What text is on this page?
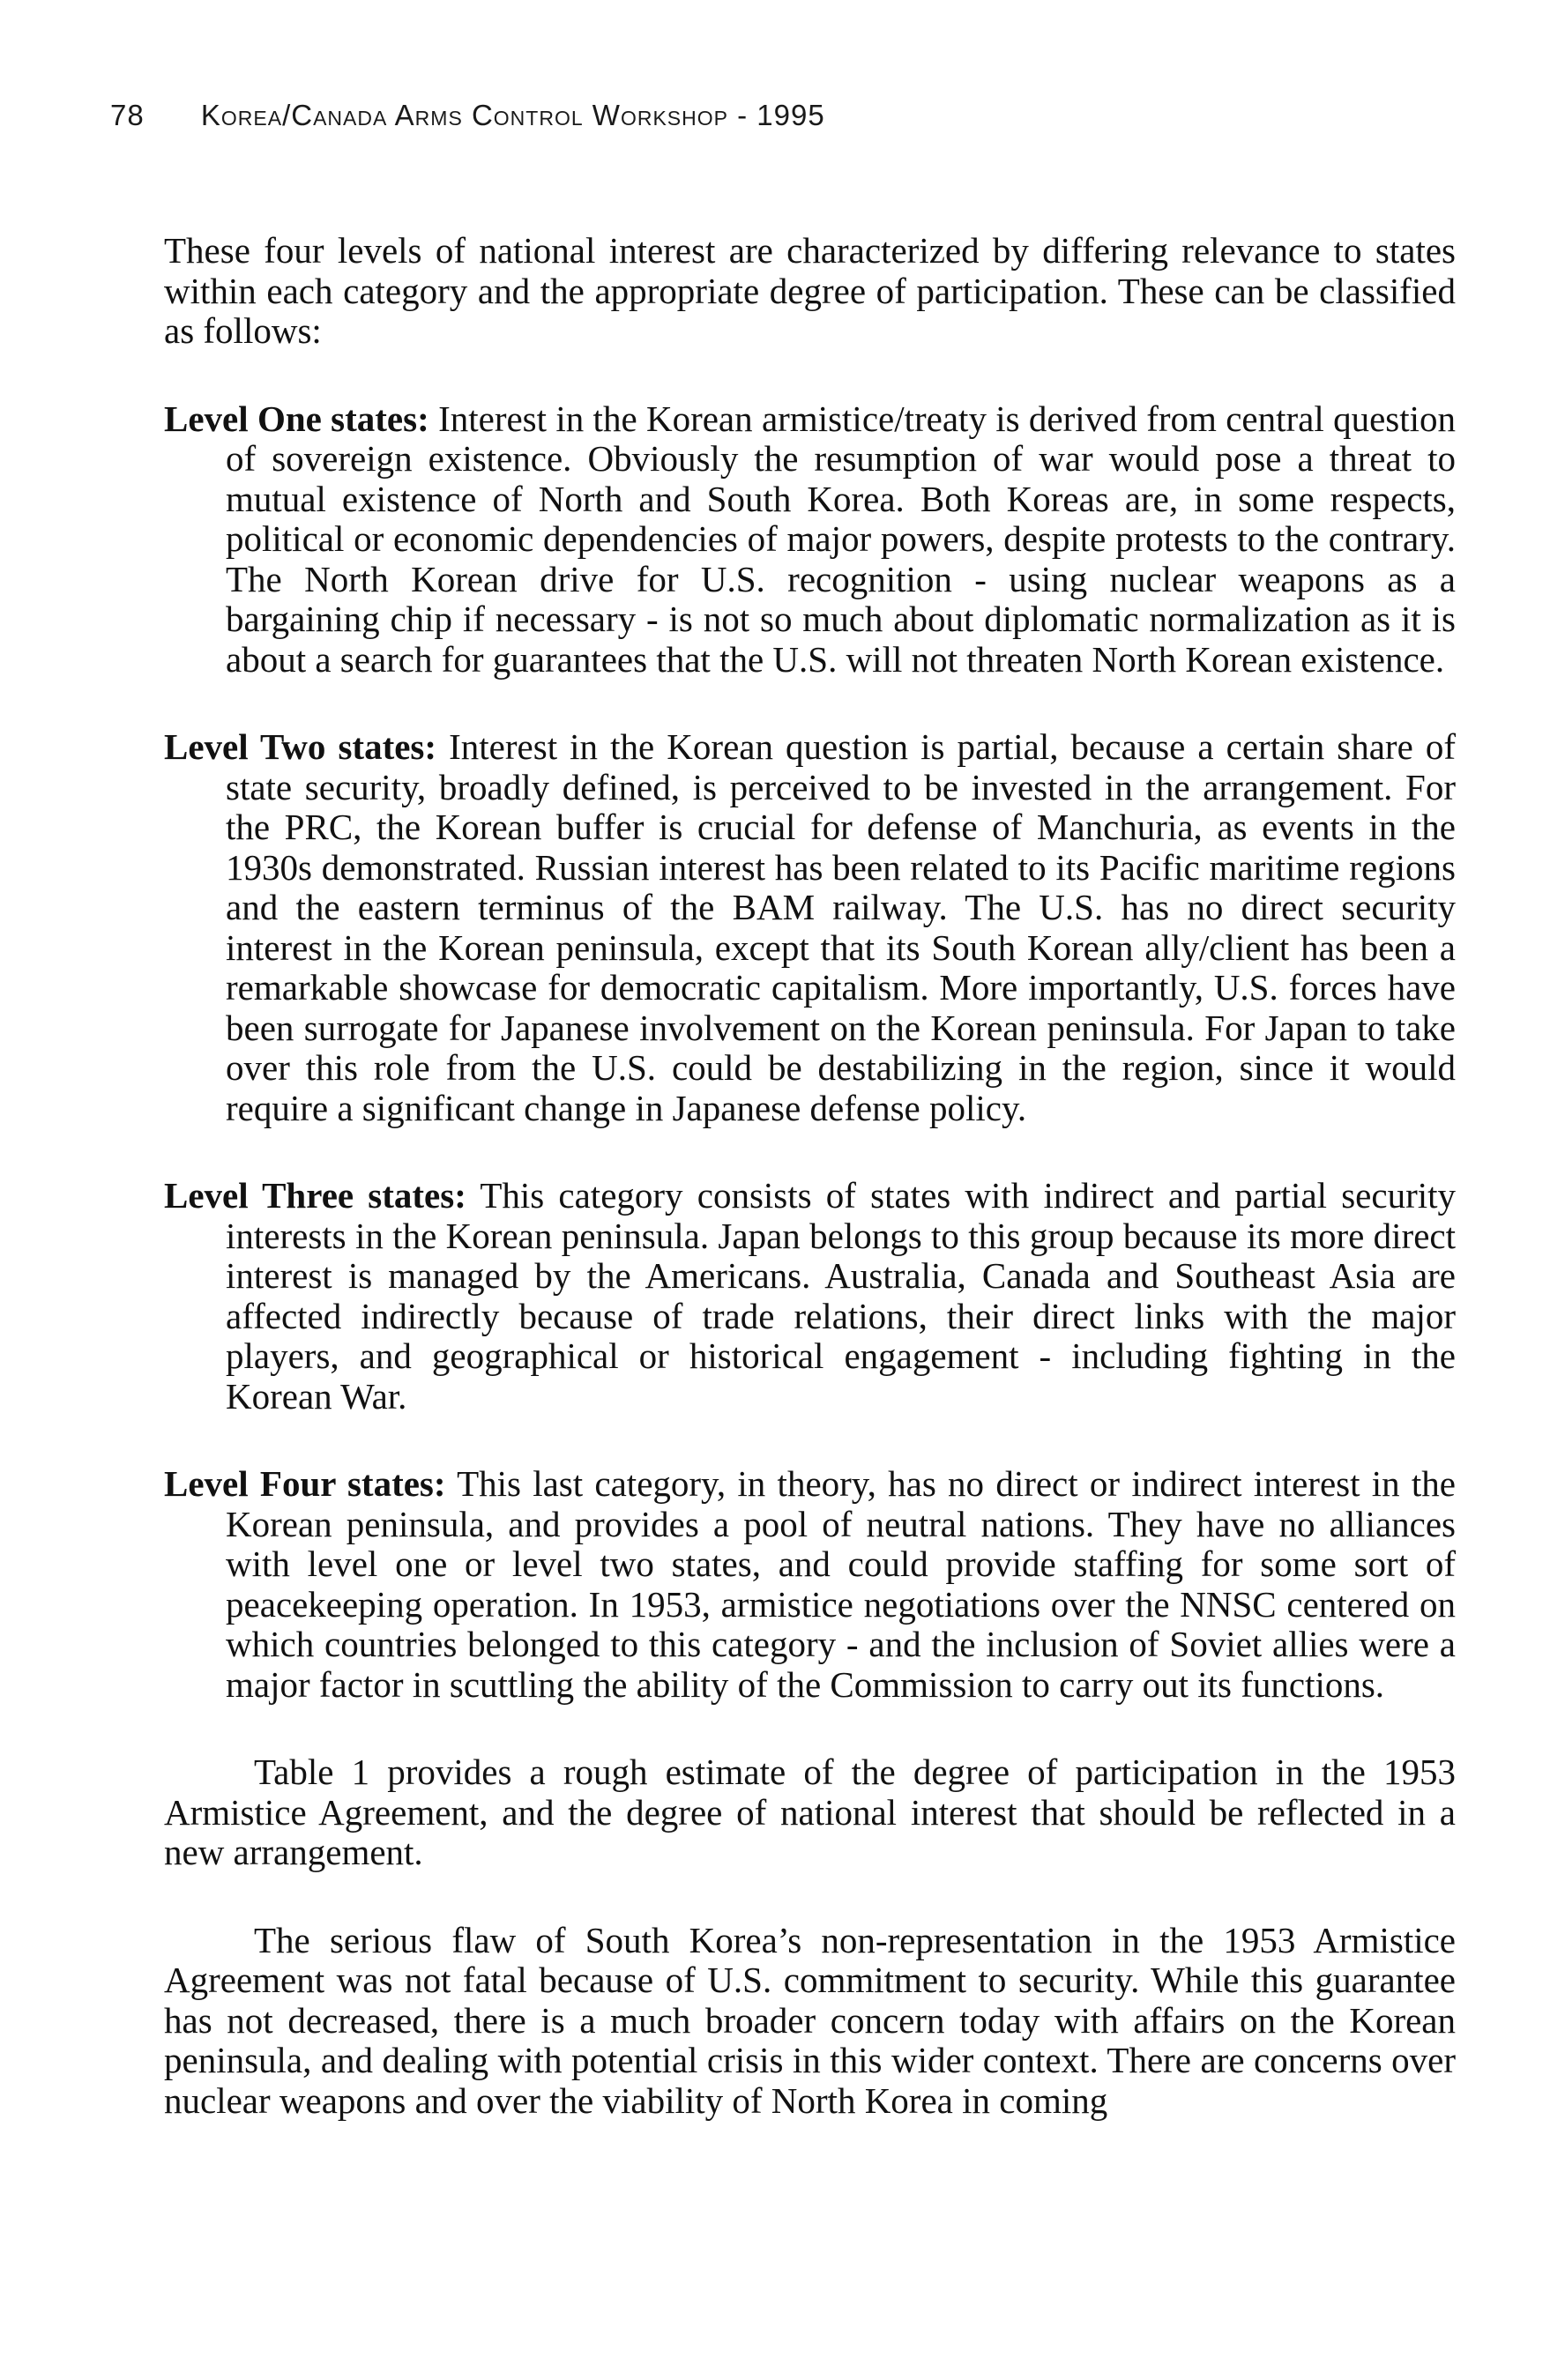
78 Korea/Canada Arms Control Workshop - 1995

These four levels of national interest are characterized by differing relevance to states within each category and the appropriate degree of participation. These can be classified as follows:

Level One states: Interest in the Korean armistice/treaty is derived from central question of sovereign existence. Obviously the resumption of war would pose a threat to mutual existence of North and South Korea. Both Koreas are, in some respects, political or economic dependencies of major powers, despite protests to the contrary. The North Korean drive for U.S. recognition - using nuclear weapons as a bargaining chip if necessary - is not so much about diplomatic normalization as it is about a search for guarantees that the U.S. will not threaten North Korean existence.

Level Two states: Interest in the Korean question is partial, because a certain share of state security, broadly defined, is perceived to be invested in the arrangement. For the PRC, the Korean buffer is crucial for defense of Manchuria, as events in the 1930s demonstrated. Russian interest has been related to its Pacific maritime regions and the eastern terminus of the BAM railway. The U.S. has no direct security interest in the Korean peninsula, except that its South Korean ally/client has been a remarkable showcase for democratic capitalism. More importantly, U.S. forces have been surrogate for Japanese involvement on the Korean peninsula. For Japan to take over this role from the U.S. could be destabilizing in the region, since it would require a significant change in Japanese defense policy.

Level Three states: This category consists of states with indirect and partial security interests in the Korean peninsula. Japan belongs to this group because its more direct interest is managed by the Americans. Australia, Canada and Southeast Asia are affected indirectly because of trade relations, their direct links with the major players, and geographical or historical engagement - including fighting in the Korean War.

Level Four states: This last category, in theory, has no direct or indirect interest in the Korean peninsula, and provides a pool of neutral nations. They have no alliances with level one or level two states, and could provide staffing for some sort of peacekeeping operation. In 1953, armistice negotiations over the NNSC centered on which countries belonged to this category - and the inclusion of Soviet allies were a major factor in scuttling the ability of the Commission to carry out its functions.

Table 1 provides a rough estimate of the degree of participation in the 1953 Armistice Agreement, and the degree of national interest that should be reflected in a new arrangement.

The serious flaw of South Korea’s non-representation in the 1953 Armistice Agreement was not fatal because of U.S. commitment to security. While this guarantee has not decreased, there is a much broader concern today with affairs on the Korean peninsula, and dealing with potential crisis in this wider context. There are concerns over nuclear weapons and over the viability of North Korea in coming
